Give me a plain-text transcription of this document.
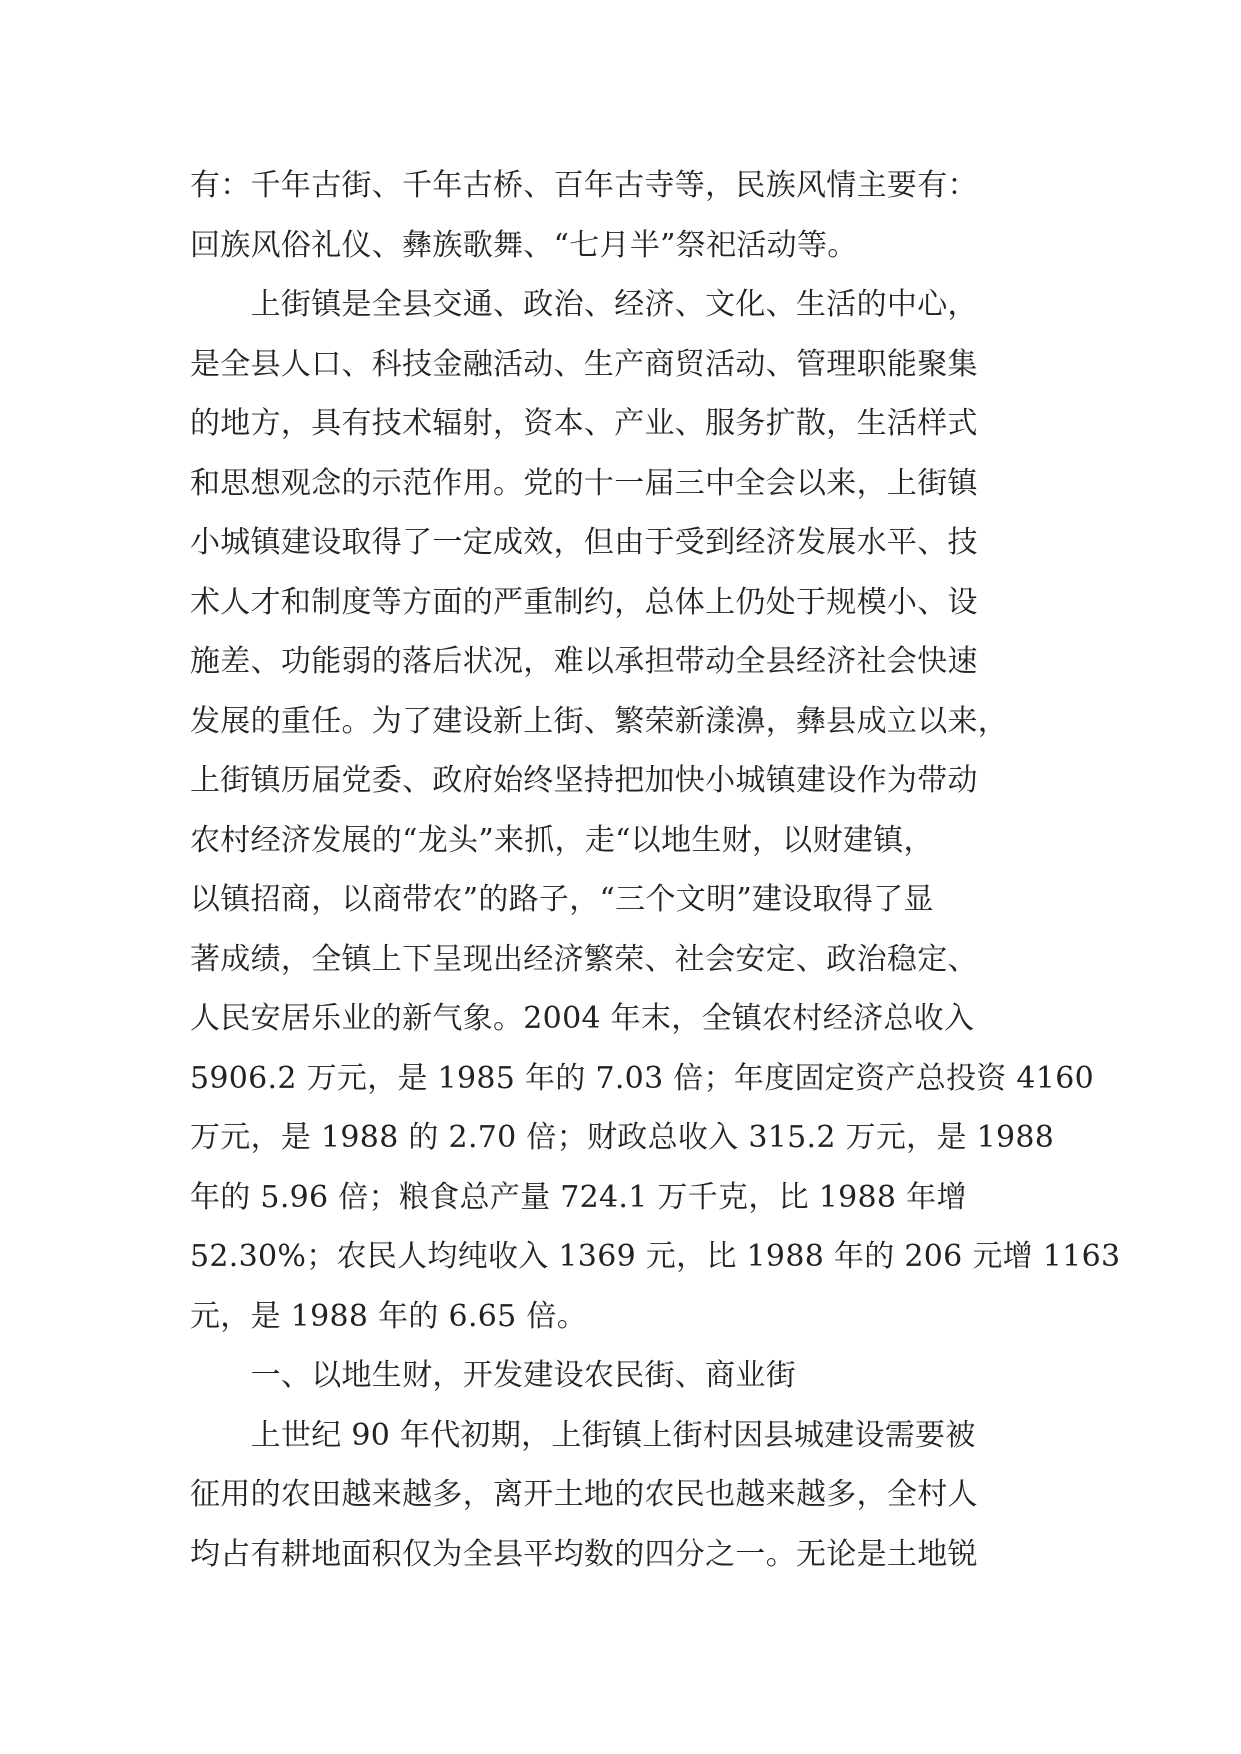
有：千年古街、千年古桥、百年古寺等，民族风情主要有：
回族风俗礼仪、彝族歌舞、“七月半”祭祀活动等。
　　上街镇是全县交通、政治、经济、文化、生活的中心，
是全县人口、科技金融活动、生产商贸活动、管理职能聚集
的地方，具有技术辐射，资本、产业、服务扩散，生活样式
和思想观念的示范作用。党的十一届三中全会以来，上街镇
小城镇建设取得了一定成效，但由于受到经济发展水平、技
术人才和制度等方面的严重制约，总体上仍处于规模小、设
施差、功能弱的落后状况，难以承担带动全县经济社会快速
发展的重任。为了建设新上街、繁荣新漾濞，彝县成立以来，
上街镇历届党委、政府始终坚持把加快小城镇建设作为带动
农村经济发展的“龙头”来抓，走“以地生财，以财建镇，
以镇招商，以商带农”的路子，“三个文明”建设取得了显
著成绩，全镇上下呈现出经济繁荣、社会安定、政治稳定、
人民安居乐业的新气象。2004 年末，全镇农村经济总收入
5906.2 万元，是 1985 年的 7.03 倍；年度固定资产总投资 4160
万元，是 1988 的 2.70 倍；财政总收入 315.2 万元，是 1988
年的 5.96 倍；粮食总产量 724.1 万千克，比 1988 年增
52.30%；农民人均纯收入 1369 元，比 1988 年的 206 元增 1163
元，是 1988 年的 6.65 倍。
　　一、以地生财，开发建设农民街、商业街
　　上世纪 90 年代初期，上街镇上街村因县城建设需要被
征用的农田越来越多，离开土地的农民也越来越多，全村人
均占有耕地面积仅为全县平均数的四分之一。无论是土地锐
